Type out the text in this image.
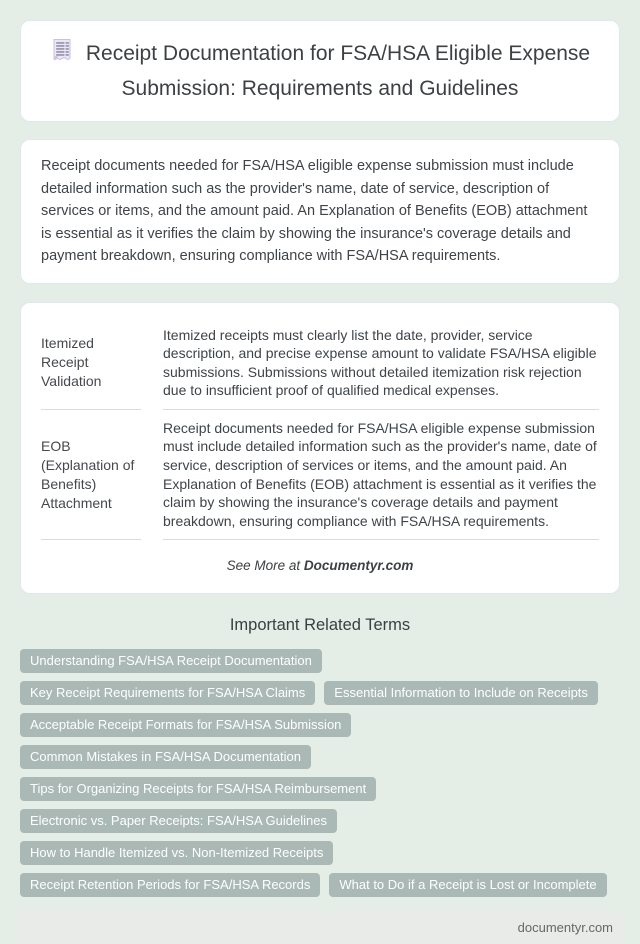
Receipt Documentation for FSA/HSA Eligible Expense Submission: Requirements and Guidelines

Receipt documents needed for FSA/HSA eligible expense submission must include detailed information such as the provider's name, date of service, description of services or items, and the amount paid. An Explanation of Benefits (EOB) attachment is essential as it verifies the claim by showing the insurance's coverage details and payment breakdown, ensuring compliance with FSA/HSA requirements.

Itemized Receipt Validation
Itemized receipts must clearly list the date, provider, service description, and precise expense amount to validate FSA/HSA eligible submissions. Submissions without detailed itemization risk rejection due to insufficient proof of qualified medical expenses.
EOB (Explanation of Benefits) Attachment
Receipt documents needed for FSA/HSA eligible expense submission must include detailed information such as the provider's name, date of service, description of services or items, and the amount paid. An Explanation of Benefits (EOB) attachment is essential as it verifies the claim by showing the insurance's coverage details and payment breakdown, ensuring compliance with FSA/HSA requirements.

See More at Documentyr.com

Important Related Terms
Understanding FSA/HSA Receipt DocumentationKey Receipt Requirements for FSA/HSA Claims Essential Information to Include on ReceiptsAcceptable Receipt Formats for FSA/HSA SubmissionCommon Mistakes in FSA/HSA DocumentationTips for Organizing Receipts for FSA/HSA ReimbursementElectronic vs. Paper Receipts: FSA/HSA GuidelinesHow to Handle Itemized vs. Non-Itemized ReceiptsReceipt Retention Periods for FSA/HSA Records What to Do if a Receipt is Lost or Incomplete
documentyr.com
